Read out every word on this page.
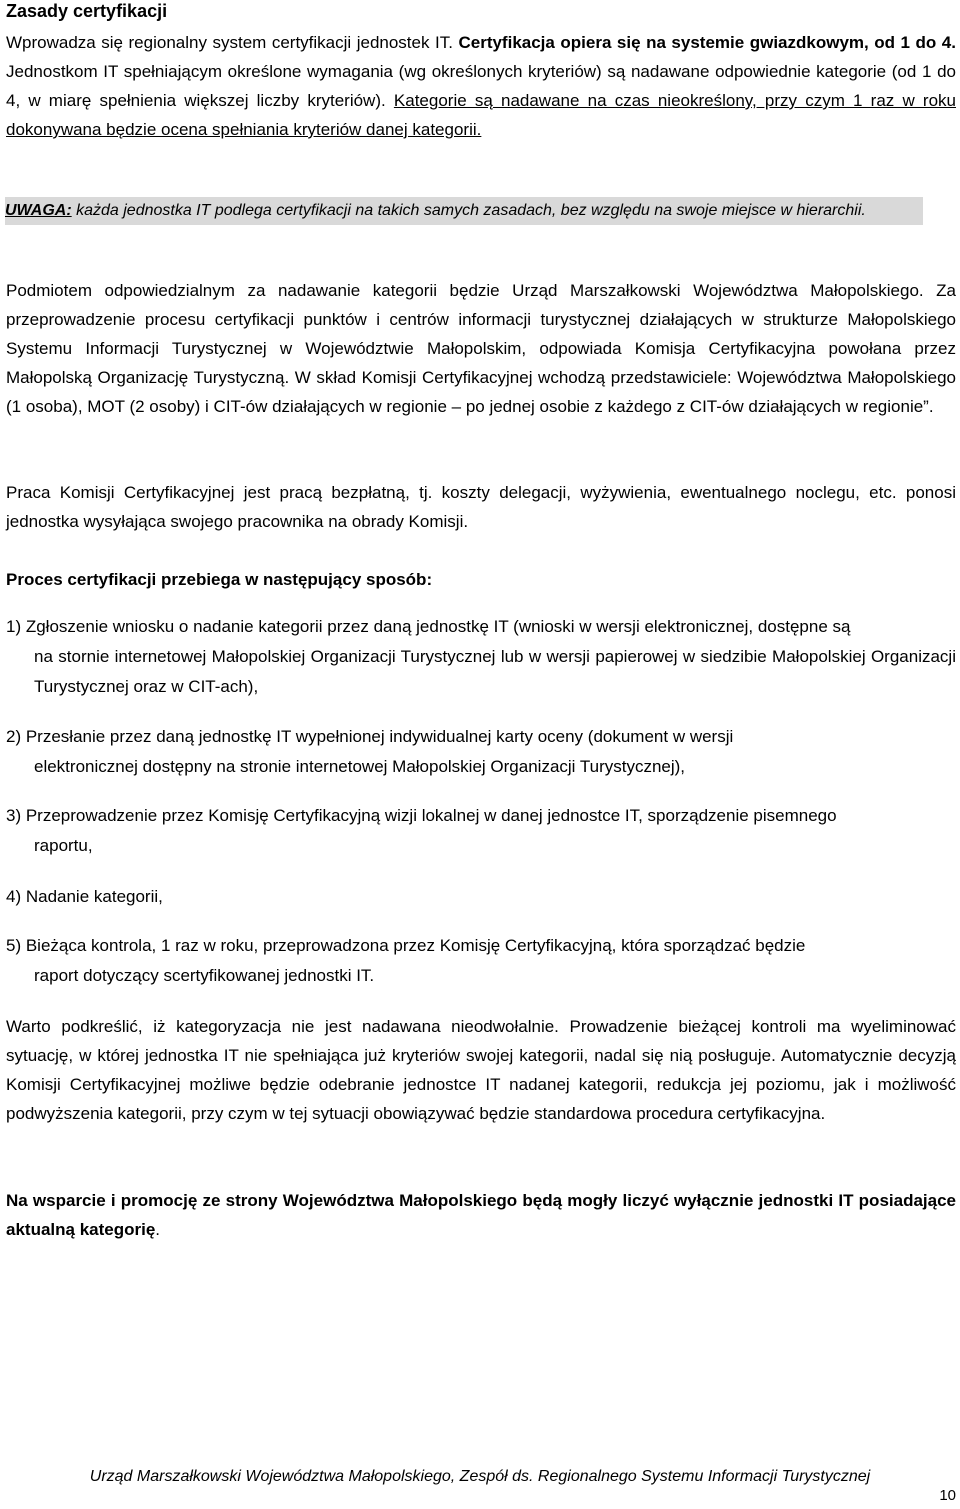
Zasady certyfikacji
Wprowadza się regionalny system certyfikacji jednostek IT. Certyfikacja opiera się na systemie gwiazdkowym, od 1 do 4. Jednostkom IT spełniającym określone wymagania (wg określonych kryteriów) są nadawane odpowiednie kategorie (od 1 do 4, w miarę spełnienia większej liczby kryteriów). Kategorie są nadawane na czas nieokreślony, przy czym 1 raz w roku dokonywana będzie ocena spełniania kryteriów danej kategorii.
UWAGA: każda jednostka IT podlega certyfikacji na takich samych zasadach, bez względu na swoje miejsce w hierarchii.
Podmiotem odpowiedzialnym za nadawanie kategorii będzie Urząd Marszałkowski Województwa Małopolskiego. Za przeprowadzenie procesu certyfikacji punktów i centrów informacji turystycznej działających w strukturze Małopolskiego Systemu Informacji Turystycznej w Województwie Małopolskim, odpowiada Komisja Certyfikacyjna powołana przez Małopolską Organizację Turystyczną. W skład Komisji Certyfikacyjnej wchodzą przedstawiciele: Województwa Małopolskiego (1 osoba), MOT (2 osoby) i CIT-ów działających w regionie – po jednej osobie z każdego z CIT-ów działających w regionie”.
Praca Komisji Certyfikacyjnej jest pracą bezpłatną, tj. koszty delegacji, wyżywienia, ewentualnego noclegu, etc. ponosi jednostka wysyłająca swojego pracownika na obrady Komisji.
Proces certyfikacji przebiega w następujący sposób:
1) Zgłoszenie wniosku o nadanie kategorii przez daną jednostkę IT (wnioski w wersji elektronicznej, dostępne są
na stornie internetowej Małopolskiej Organizacji Turystycznej lub w wersji papierowej w siedzibie Małopolskiej Organizacji Turystycznej oraz w CIT-ach),
2) Przesłanie przez daną jednostkę IT wypełnionej indywidualnej karty oceny (dokument w wersji
elektronicznej dostępny na stronie internetowej Małopolskiej Organizacji Turystycznej),
3) Przeprowadzenie przez Komisję Certyfikacyjną wizji lokalnej w danej jednostce IT, sporządzenie pisemnego
raportu,
4) Nadanie kategorii,
5) Bieżąca kontrola, 1 raz w roku, przeprowadzona przez Komisję Certyfikacyjną, która sporządzać będzie
raport dotyczący scertyfikowanej jednostki IT.
Warto podkreślić, iż kategoryzacja nie jest nadawana nieodwołalnie. Prowadzenie bieżącej kontroli ma wyeliminować sytuację, w której jednostka IT nie spełniająca już kryteriów swojej kategorii, nadal się nią posługuje. Automatycznie decyzją Komisji Certyfikacyjnej możliwe będzie odebranie jednostce IT nadanej kategorii, redukcja jej poziomu, jak i możliwość podwyższenia kategorii, przy czym w tej sytuacji obowiązywać będzie standardowa procedura certyfikacyjna.
Na wsparcie i promocję ze strony Województwa Małopolskiego będą mogły liczyć wyłącznie jednostki IT posiadające aktualną kategorię.
Urząd Marszałkowski Województwa Małopolskiego, Zespół ds. Regionalnego Systemu Informacji Turystycznej
10
